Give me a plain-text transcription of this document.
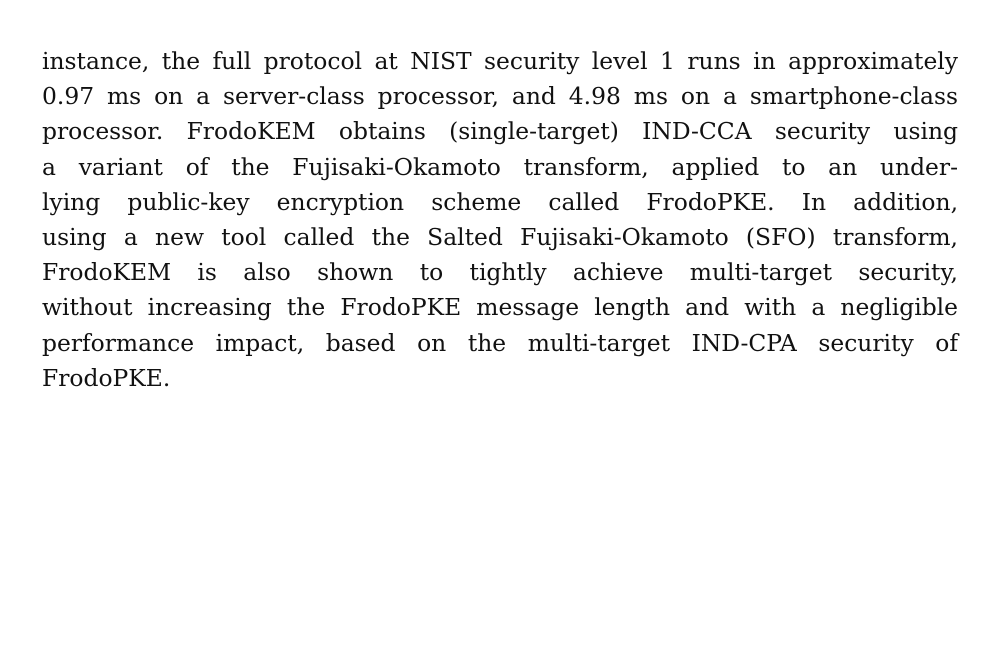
instance, the full protocol at NIST security level 1 runs in approximately
0.97 ms on a server-class processor, and 4.98 ms on a smartphone-class
processor. FrodoKEM obtains (single-target) IND-CCA security using
a variant of the Fujisaki-Okamoto transform, applied to an under-
lying public-key encryption scheme called FrodoPKE. In addition,
using a new tool called the Salted Fujisaki-Okamoto (SFO) transform,
FrodoKEM is also shown to tightly achieve multi-target security,
without increasing the FrodoPKE message length and with a negligible
performance impact, based on the multi-target IND-CPA security of
FrodoPKE.
